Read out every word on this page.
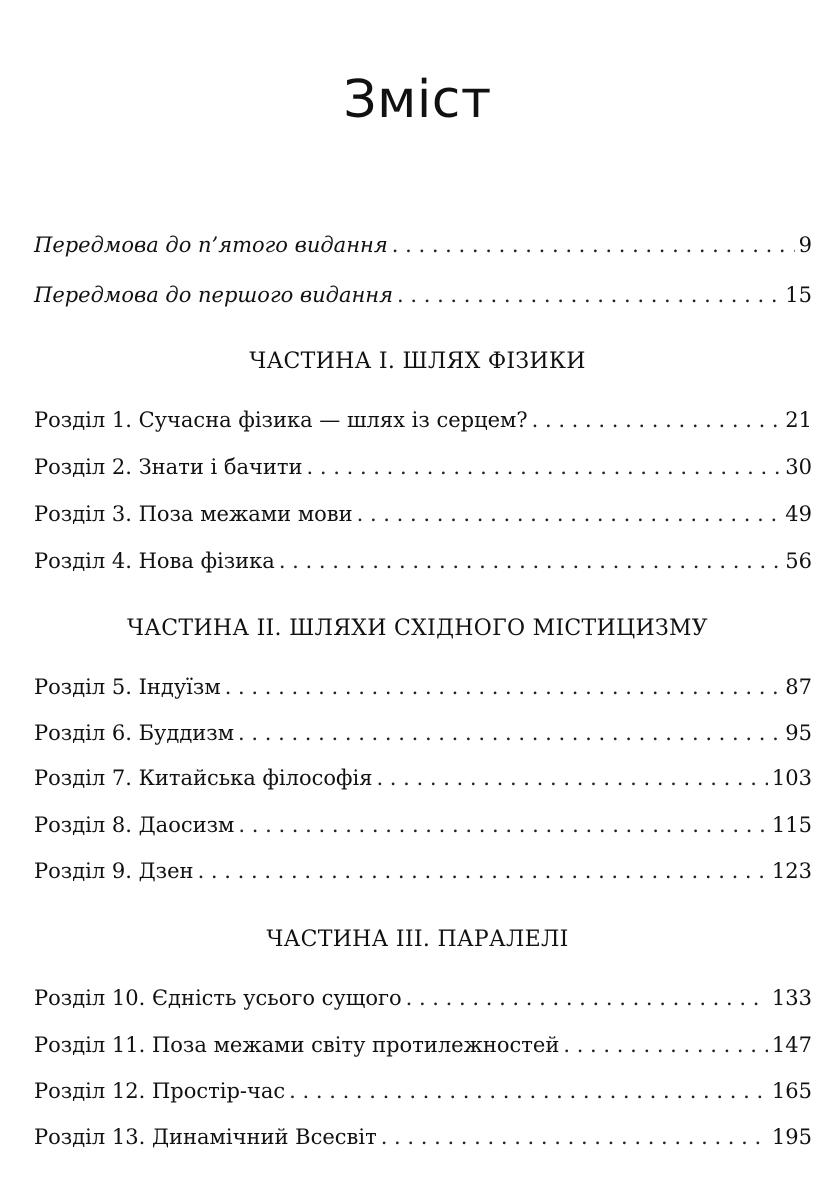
Зміст
Передмова до п’ятого видання . . .	9
Передмова до першого видання . . .	15
ЧАСТИНА І. ШЛЯХ ФІЗИКИ
Розділ 1. Сучасна фізика — шлях із серцем? . . .	21
Розділ 2. Знати і бачити . . .	30
Розділ 3. Поза межами мови . . .	49
Розділ 4. Нова фізика . . .	56
ЧАСТИНА ІІ. ШЛЯХИ СХІДНОГО МІСТИЦИЗМУ
Розділ 5. Індуїзм . . .	87
Розділ 6. Буддизм . . .	95
Розділ 7. Китайська філософія . . .	103
Розділ 8. Даосизм . . .	115
Розділ 9. Дзен . . .	123
ЧАСТИНА ІІІ. ПАРАЛЕЛІ
Розділ 10. Єдність усього сущого . . .	133
Розділ 11. Поза межами світу протилежностей . . .	147
Розділ 12. Простір-час . . .	165
Розділ 13. Динамічний Всесвіт . . .	195
